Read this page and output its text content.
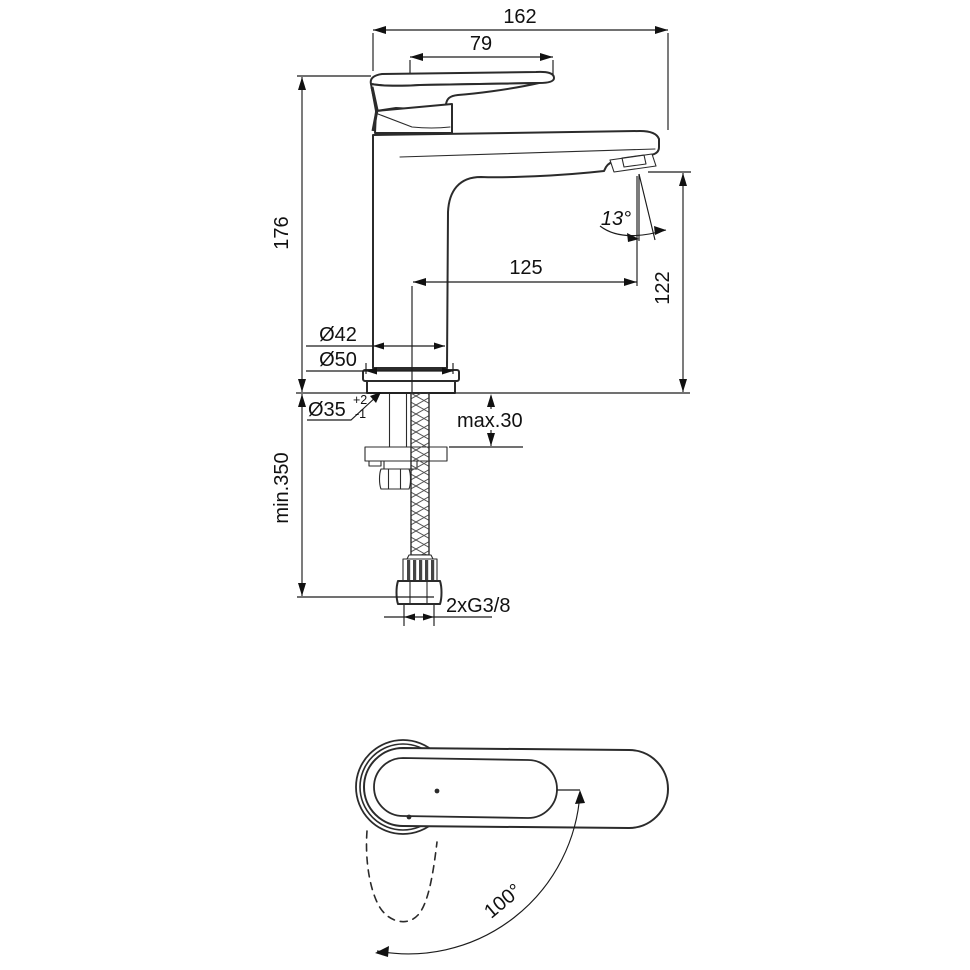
162
79
176
125
122
13°
Ø42
Ø50
Ø35 +2
-1	max.30
min.350
2xG3/8
100°
